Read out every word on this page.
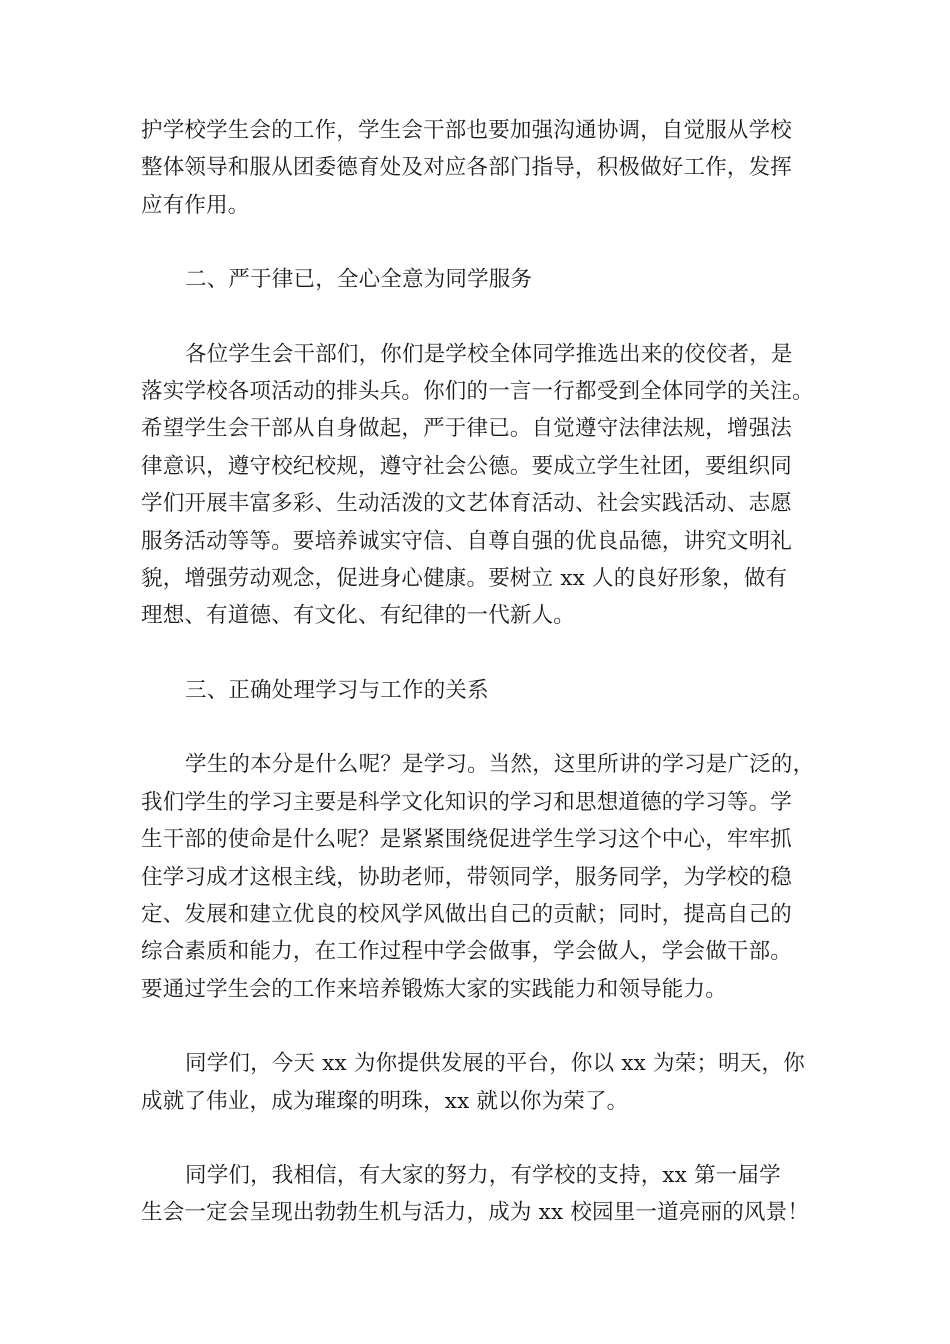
护学校学生会的工作，学生会干部也要加强沟通协调，自觉服从学校
整体领导和服从团委德育处及对应各部门指导，积极做好工作，发挥
应有作用。

二、严于律已，全心全意为同学服务

各位学生会干部们，你们是学校全体同学推选出来的佼佼者，是
落实学校各项活动的排头兵。你们的一言一行都受到全体同学的关注。
希望学生会干部从自身做起，严于律已。自觉遵守法律法规，增强法
律意识，遵守校纪校规，遵守社会公德。要成立学生社团，要组织同
学们开展丰富多彩、生动活泼的文艺体育活动、社会实践活动、志愿
服务活动等等。要培养诚实守信、自尊自强的优良品德，讲究文明礼
貌，增强劳动观念，促进身心健康。要树立 xx 人的良好形象，做有
理想、有道德、有文化、有纪律的一代新人。

三、正确处理学习与工作的关系

学生的本分是什么呢？是学习。当然，这里所讲的学习是广泛的，
我们学生的学习主要是科学文化知识的学习和思想道德的学习等。学
生干部的使命是什么呢？是紧紧围绕促进学生学习这个中心，牢牢抓
住学习成才这根主线，协助老师，带领同学，服务同学，为学校的稳
定、发展和建立优良的校风学风做出自己的贡献；同时，提高自己的
综合素质和能力，在工作过程中学会做事，学会做人，学会做干部。
要通过学生会的工作来培养锻炼大家的实践能力和领导能力。

同学们，今天 xx 为你提供发展的平台，你以 xx 为荣；明天，你
成就了伟业，成为璀璨的明珠，xx 就以你为荣了。

同学们，我相信，有大家的努力，有学校的支持，xx 第一届学
生会一定会呈现出勃勃生机与活力，成为 xx 校园里一道亮丽的风景！
